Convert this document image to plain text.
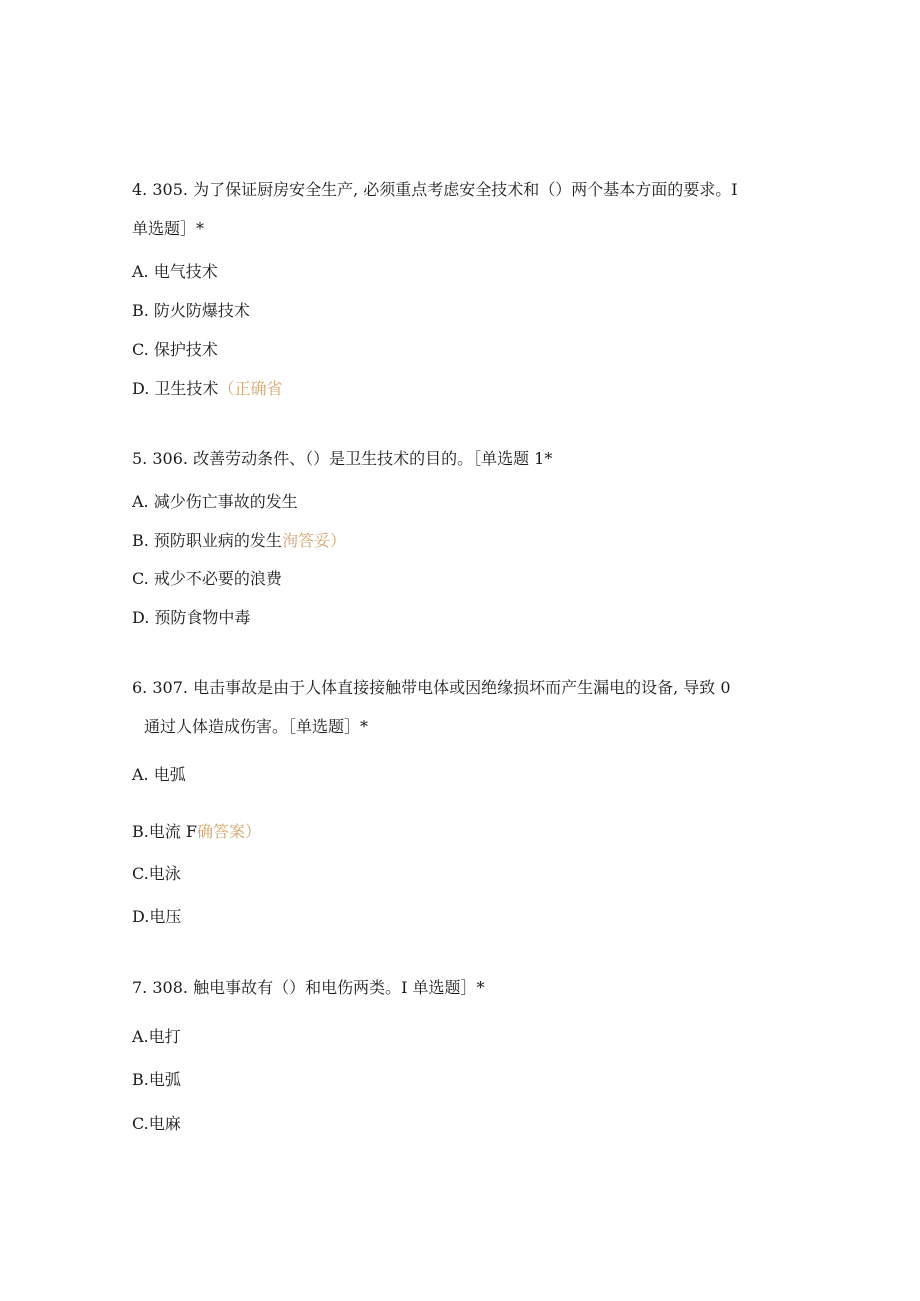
4. 305. 为了保证厨房安全生产, 必须重点考虑安全技术和（）两个基本方面的要求。I
单选题］*
A. 电气技术
B. 防火防爆技术
C. 保护技术
D. 卫生技术（正确省
5. 306. 改善劳动条件、（）是卫生技术的目的。［单选题 1*
A. 减少伤亡事故的发生
B. 预防职业病的发生洵答妥）
C. 戒少不必要的浪费
D. 预防食物中毒
6. 307. 电击事故是由于人体直接接触带电体或因绝缘损坏而产生漏电的设备, 导致 0
通过人体造成伤害。［单选题］*
A. 电弧
B.电流 F确答案）
C.电泳
D.电压
7. 308. 触电事故有（）和电伤两类。I 单选题］*
A.电打
B.电弧
C.电麻
